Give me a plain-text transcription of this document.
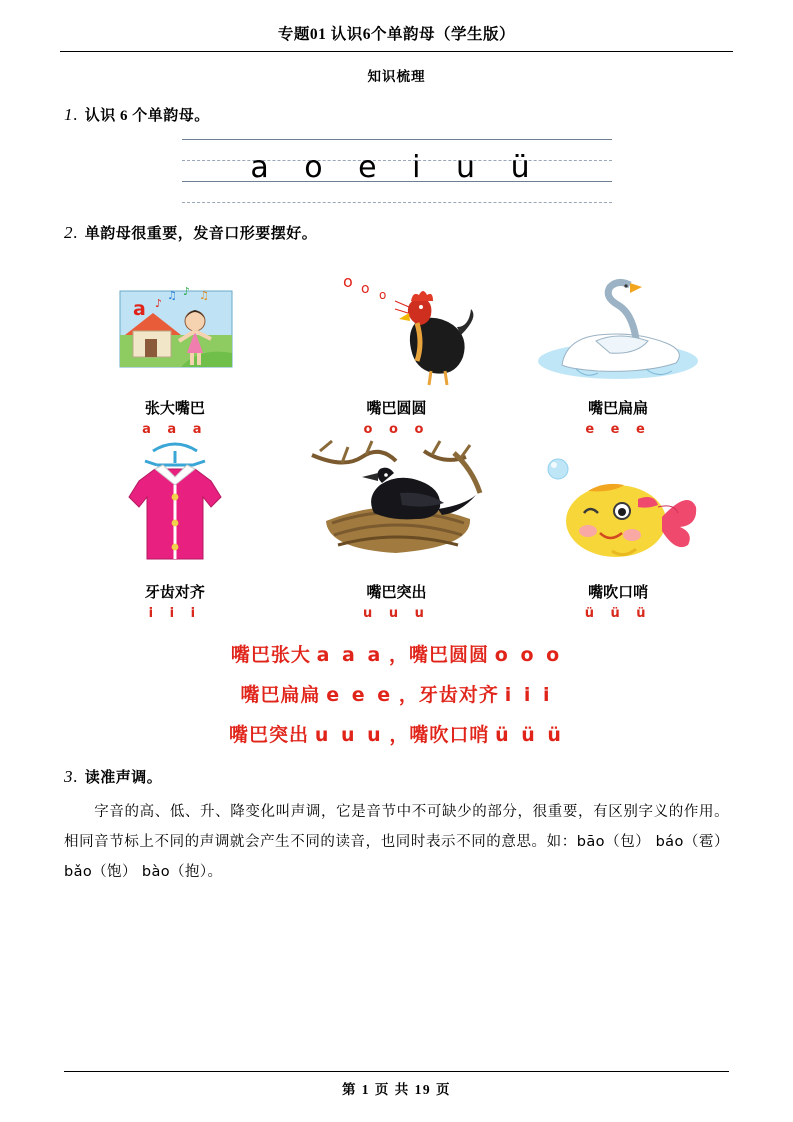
专题01 认识6个单韵母（学生版）
知识梳理
1. 认识 6 个单韵母。
a o e i u ü
2. 单韵母很重要，发音口形要摆好。
♪
♫ ♪ ♫
a
张大嘴巴
a a a
o o o
嘴巴圆圆
o o o
嘴巴扁扁
e e e
牙齿对齐
i i i
嘴巴突出
u u u
嘴吹口哨
ü ü ü
嘴巴张大 a a a ，嘴巴圆圆 o o o
嘴巴扁扁 e e e ，牙齿对齐 i i i
嘴巴突出 u u u ，嘴吹口哨 ü ü ü
3. 读准声调。
字音的高、低、升、降变化叫声调，它是音节中不可缺少的部分，很重要，有区别字义的作用。相同音节标上不同的声调就会产生不同的读音，也同时表示不同的意思。如：bāo（包） báo（雹） bǎo（饱） bào（抱）。
第 1 页 共 19 页
